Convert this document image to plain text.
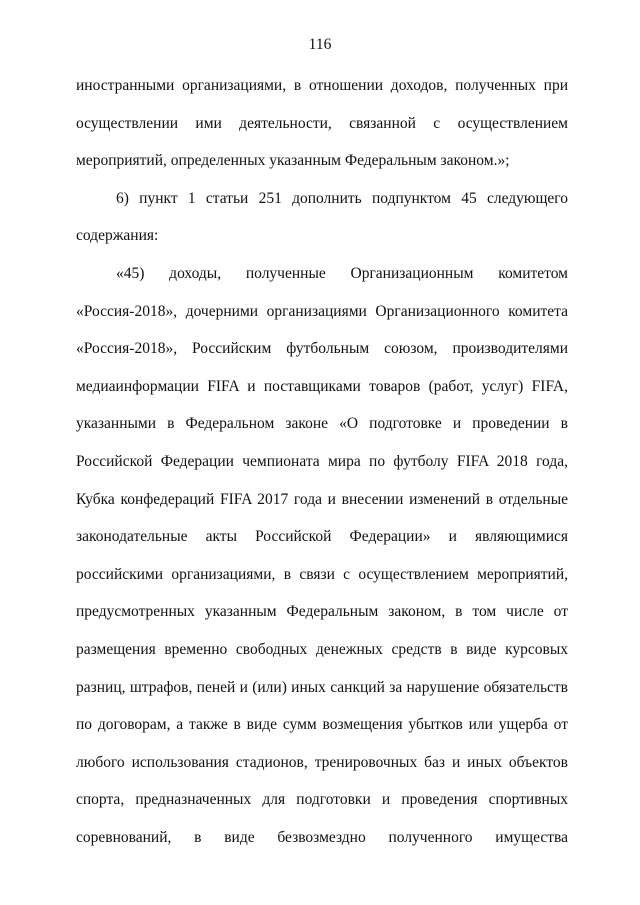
116
иностранными организациями, в отношении доходов, полученных при
осуществлении ими деятельности, связанной с осуществлением
мероприятий, определенных указанным Федеральным законом.»;
6) пункт 1 статьи 251 дополнить подпунктом 45 следующего
содержания:
«45) доходы, полученные Организационным комитетом
«Россия-2018», дочерними организациями Организационного комитета
«Россия-2018», Российским футбольным союзом, производителями
медиаинформации FIFA и поставщиками товаров (работ, услуг) FIFA,
указанными в Федеральном законе «О подготовке и проведении в
Российской Федерации чемпионата мира по футболу FIFA 2018 года,
Кубка конфедераций FIFA 2017 года и внесении изменений в отдельные
законодательные акты Российской Федерации» и являющимися
российскими организациями, в связи с осуществлением мероприятий,
предусмотренных указанным Федеральным законом, в том числе от
размещения временно свободных денежных средств в виде курсовых
разниц, штрафов, пеней и (или) иных санкций за нарушение обязательств
по договорам, а также в виде сумм возмещения убытков или ущерба от
любого использования стадионов, тренировочных баз и иных объектов
спорта, предназначенных для подготовки и проведения спортивных
соревнований, в виде безвозмездно полученного имущества
